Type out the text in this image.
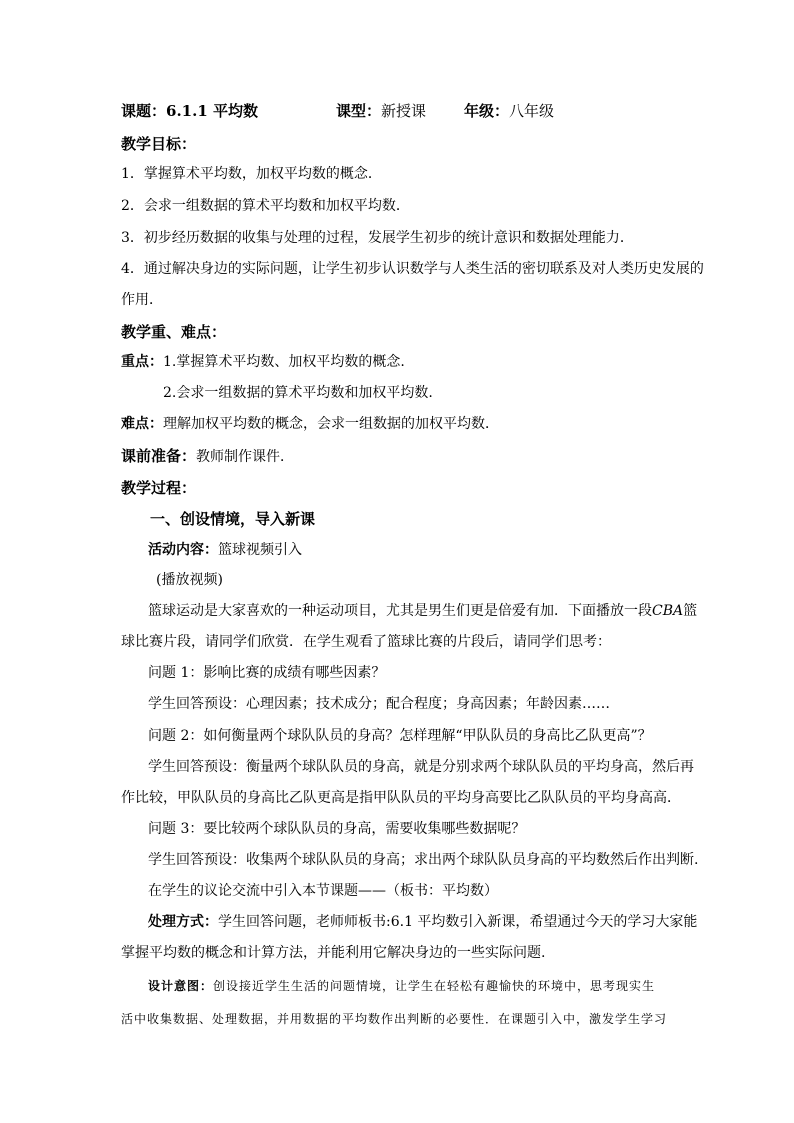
课题：6.1.1 平均数	课型：新授课	年级：八年级
教学目标：
1．掌握算术平均数，加权平均数的概念．
2．会求一组数据的算术平均数和加权平均数．
3．初步经历数据的收集与处理的过程，发展学生初步的统计意识和数据处理能力．
4．通过解决身边的实际问题，让学生初步认识数学与人类生活的密切联系及对人类历史发展的
作用．
教学重、难点：
重点：1.掌握算术平均数、加权平均数的概念.
2.会求一组数据的算术平均数和加权平均数.
难点：理解加权平均数的概念，会求一组数据的加权平均数．
课前准备：教师制作课件．
教学过程：
一、创设情境，导入新课
活动内容：篮球视频引入
(播放视频)
篮球运动是大家喜欢的一种运动项目，尤其是男生们更是倍爱有加．下面播放一段CBA篮
球比赛片段，请同学们欣赏．在学生观看了篮球比赛的片段后，请同学们思考：
问题 1：影响比赛的成绩有哪些因素？
学生回答预设：心理因素；技术成分；配合程度；身高因素；年龄因素……
问题 2：如何衡量两个球队队员的身高？怎样理解“甲队队员的身高比乙队更高”？
学生回答预设：衡量两个球队队员的身高，就是分别求两个球队队员的平均身高，然后再
作比较，甲队队员的身高比乙队更高是指甲队队员的平均身高要比乙队队员的平均身高高．
问题 3：要比较两个球队队员的身高，需要收集哪些数据呢？
学生回答预设：收集两个球队队员的身高；求出两个球队队员身高的平均数然后作出判断.
在学生的议论交流中引入本节课题——（板书：平均数）
处理方式：学生回答问题，老师师板书:6.1 平均数引入新课，希望通过今天的学习大家能
掌握平均数的概念和计算方法，并能利用它解决身边的一些实际问题.
设计意图：创设接近学生生活的问题情境，让学生在轻松有趣愉快的环境中，思考现实生
活中收集数据、处理数据，并用数据的平均数作出判断的必要性．在课题引入中，激发学生学习
